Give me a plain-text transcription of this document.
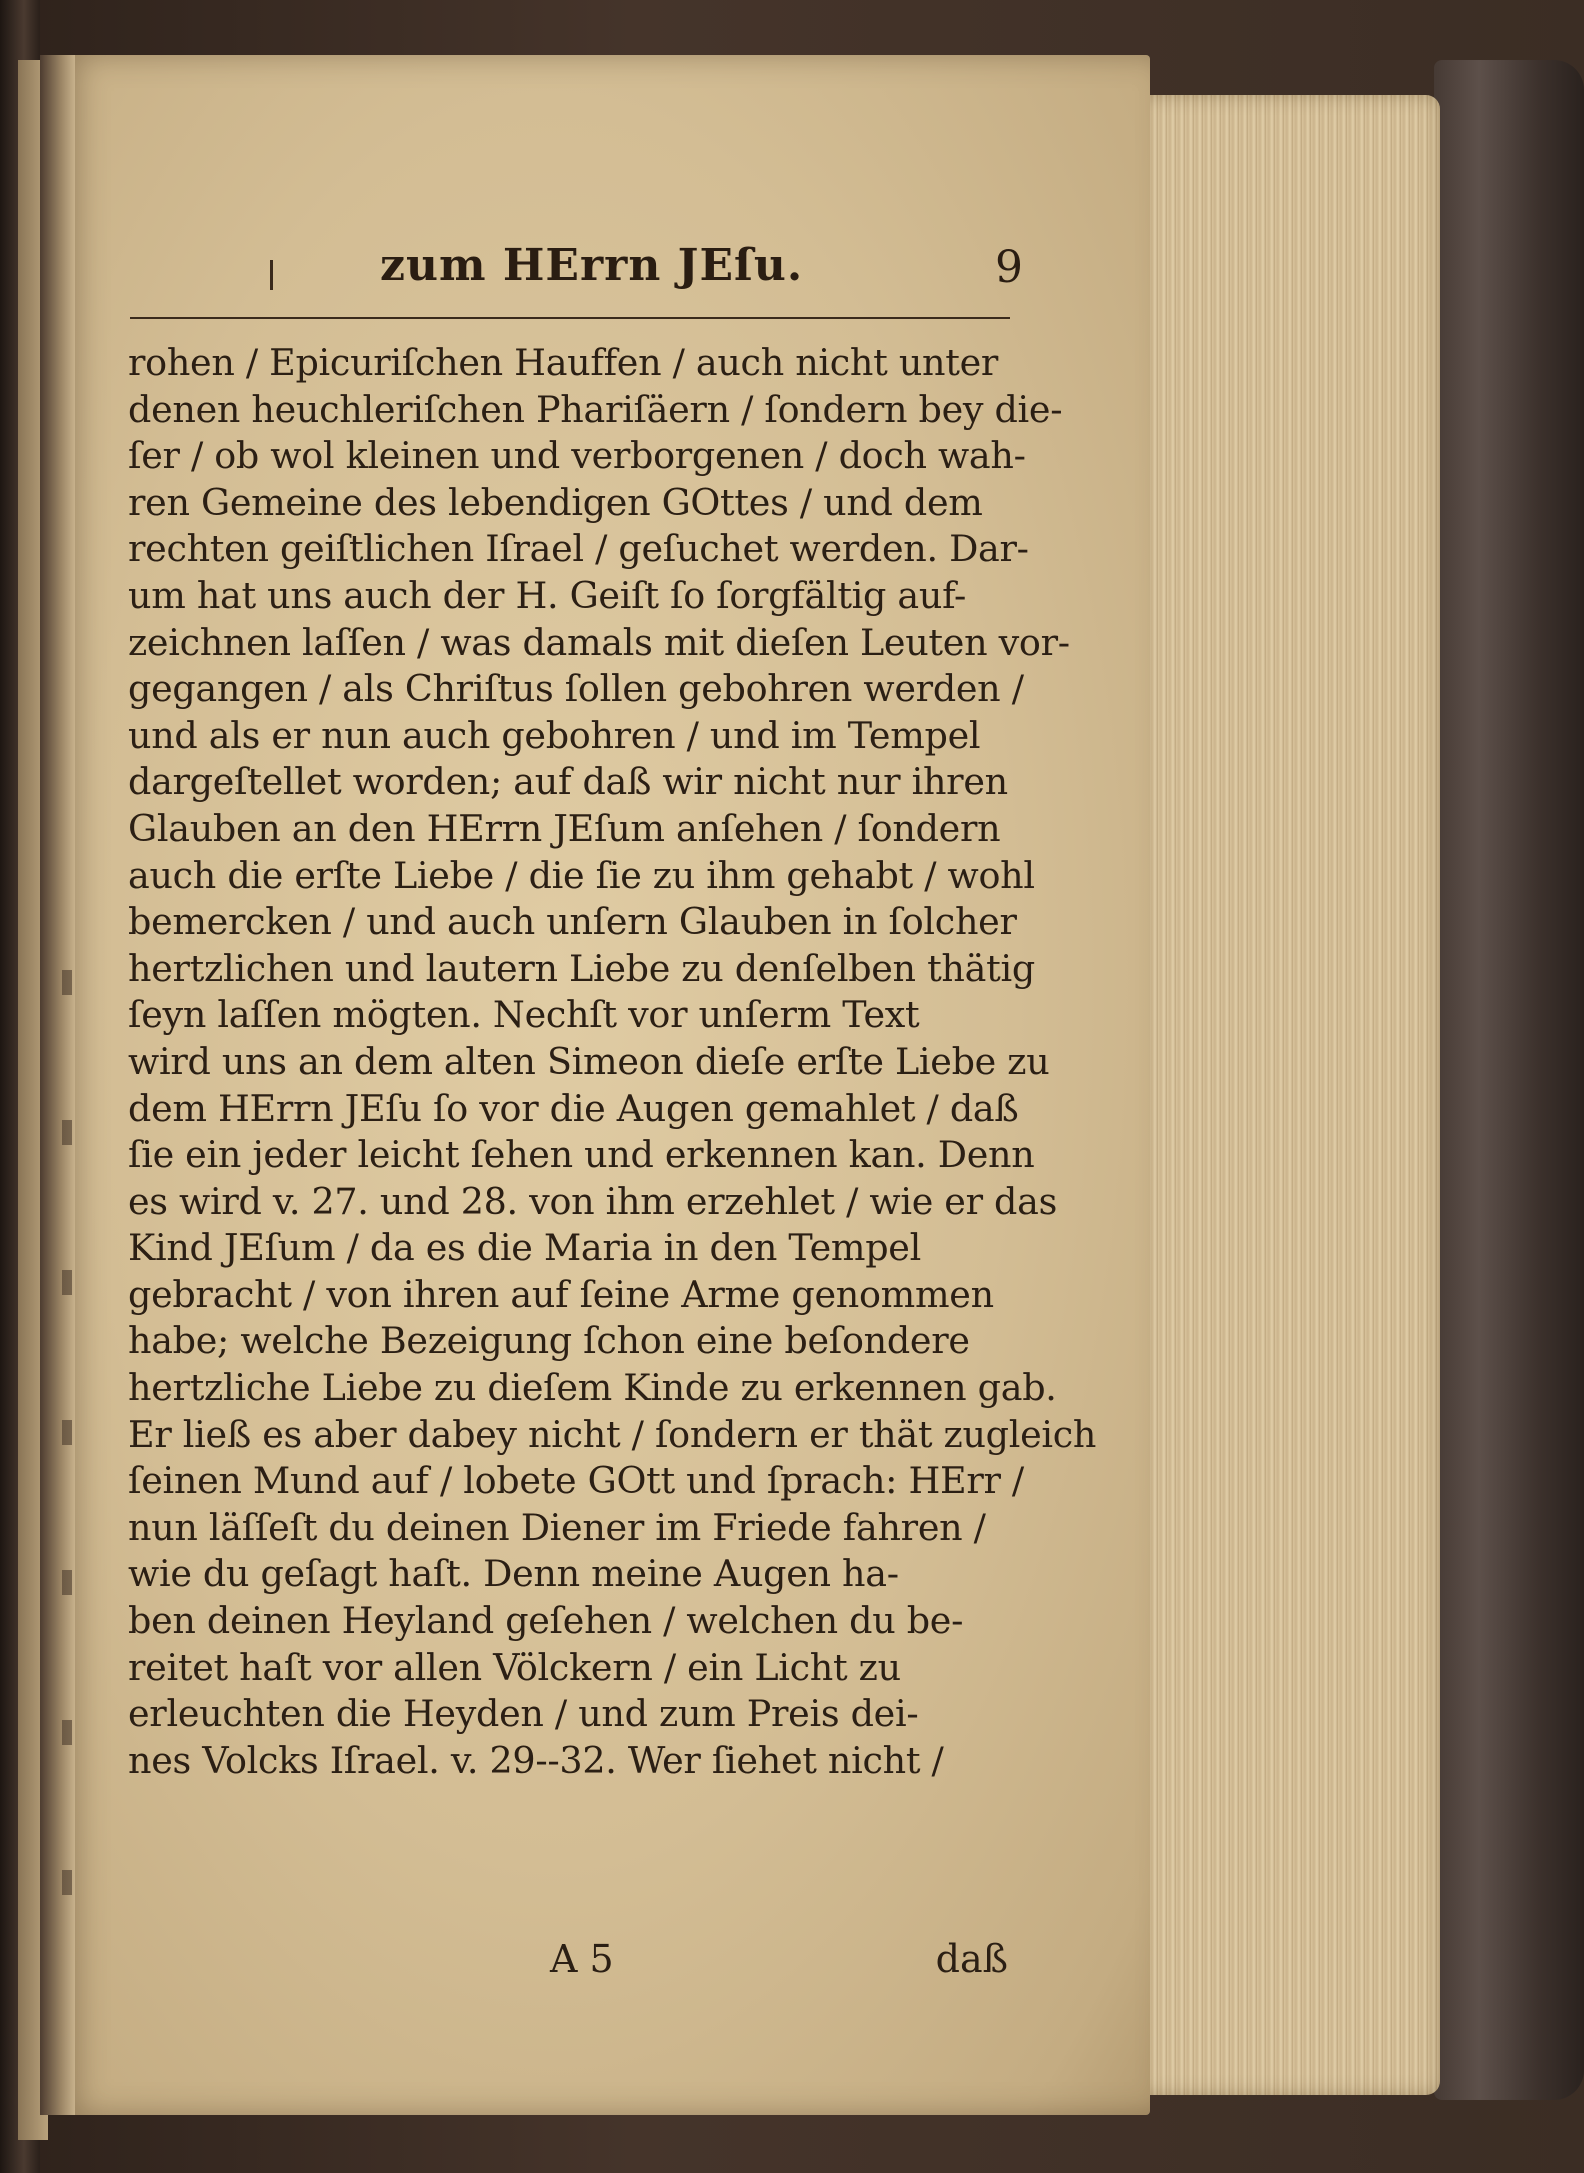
zum HErrn JEſu.	9
rohen / Epicuriſchen Hauffen / auch nicht unter
denen heuchleriſchen Phariſäern / ſondern bey die-
ſer / ob wol kleinen und verborgenen / doch wah-
ren Gemeine des lebendigen GOttes / und dem
rechten geiſtlichen Iſrael / geſuchet werden. Dar-
um hat uns auch der H. Geiſt ſo ſorgfältig auf-
zeichnen laſſen / was damals mit dieſen Leuten vor-
gegangen / als Chriſtus ſollen gebohren werden /
und als er nun auch gebohren / und im Tempel
dargeſtellet worden; auf daß wir nicht nur ihren
Glauben an den HErrn JEſum anſehen / ſondern
auch die erſte Liebe / die ſie zu ihm gehabt / wohl
bemercken / und auch unſern Glauben in ſolcher
hertzlichen und lautern Liebe zu denſelben thätig
ſeyn laſſen mögten. Nechſt vor unſerm Text
wird uns an dem alten Simeon dieſe erſte Liebe zu
dem HErrn JEſu ſo vor die Augen gemahlet / daß
ſie ein jeder leicht ſehen und erkennen kan. Denn
es wird v. 27. und 28. von ihm erzehlet / wie er das
Kind JEſum / da es die Maria in den Tempel
gebracht / von ihren auf ſeine Arme genommen
habe; welche Bezeigung ſchon eine beſondere
hertzliche Liebe zu dieſem Kinde zu erkennen gab.
Er ließ es aber dabey nicht / ſondern er thät zugleich
ſeinen Mund auf / lobete GOtt und ſprach: HErr /
nun läſſeſt du deinen Diener im Friede fahren /
wie du geſagt haſt. Denn meine Augen ha-
ben deinen Heyland geſehen / welchen du be-
reitet haſt vor allen Völckern / ein Licht zu
erleuchten die Heyden / und zum Preis dei-
nes Volcks Iſrael. v. 29--32. Wer ſiehet nicht /
A 5	daß
